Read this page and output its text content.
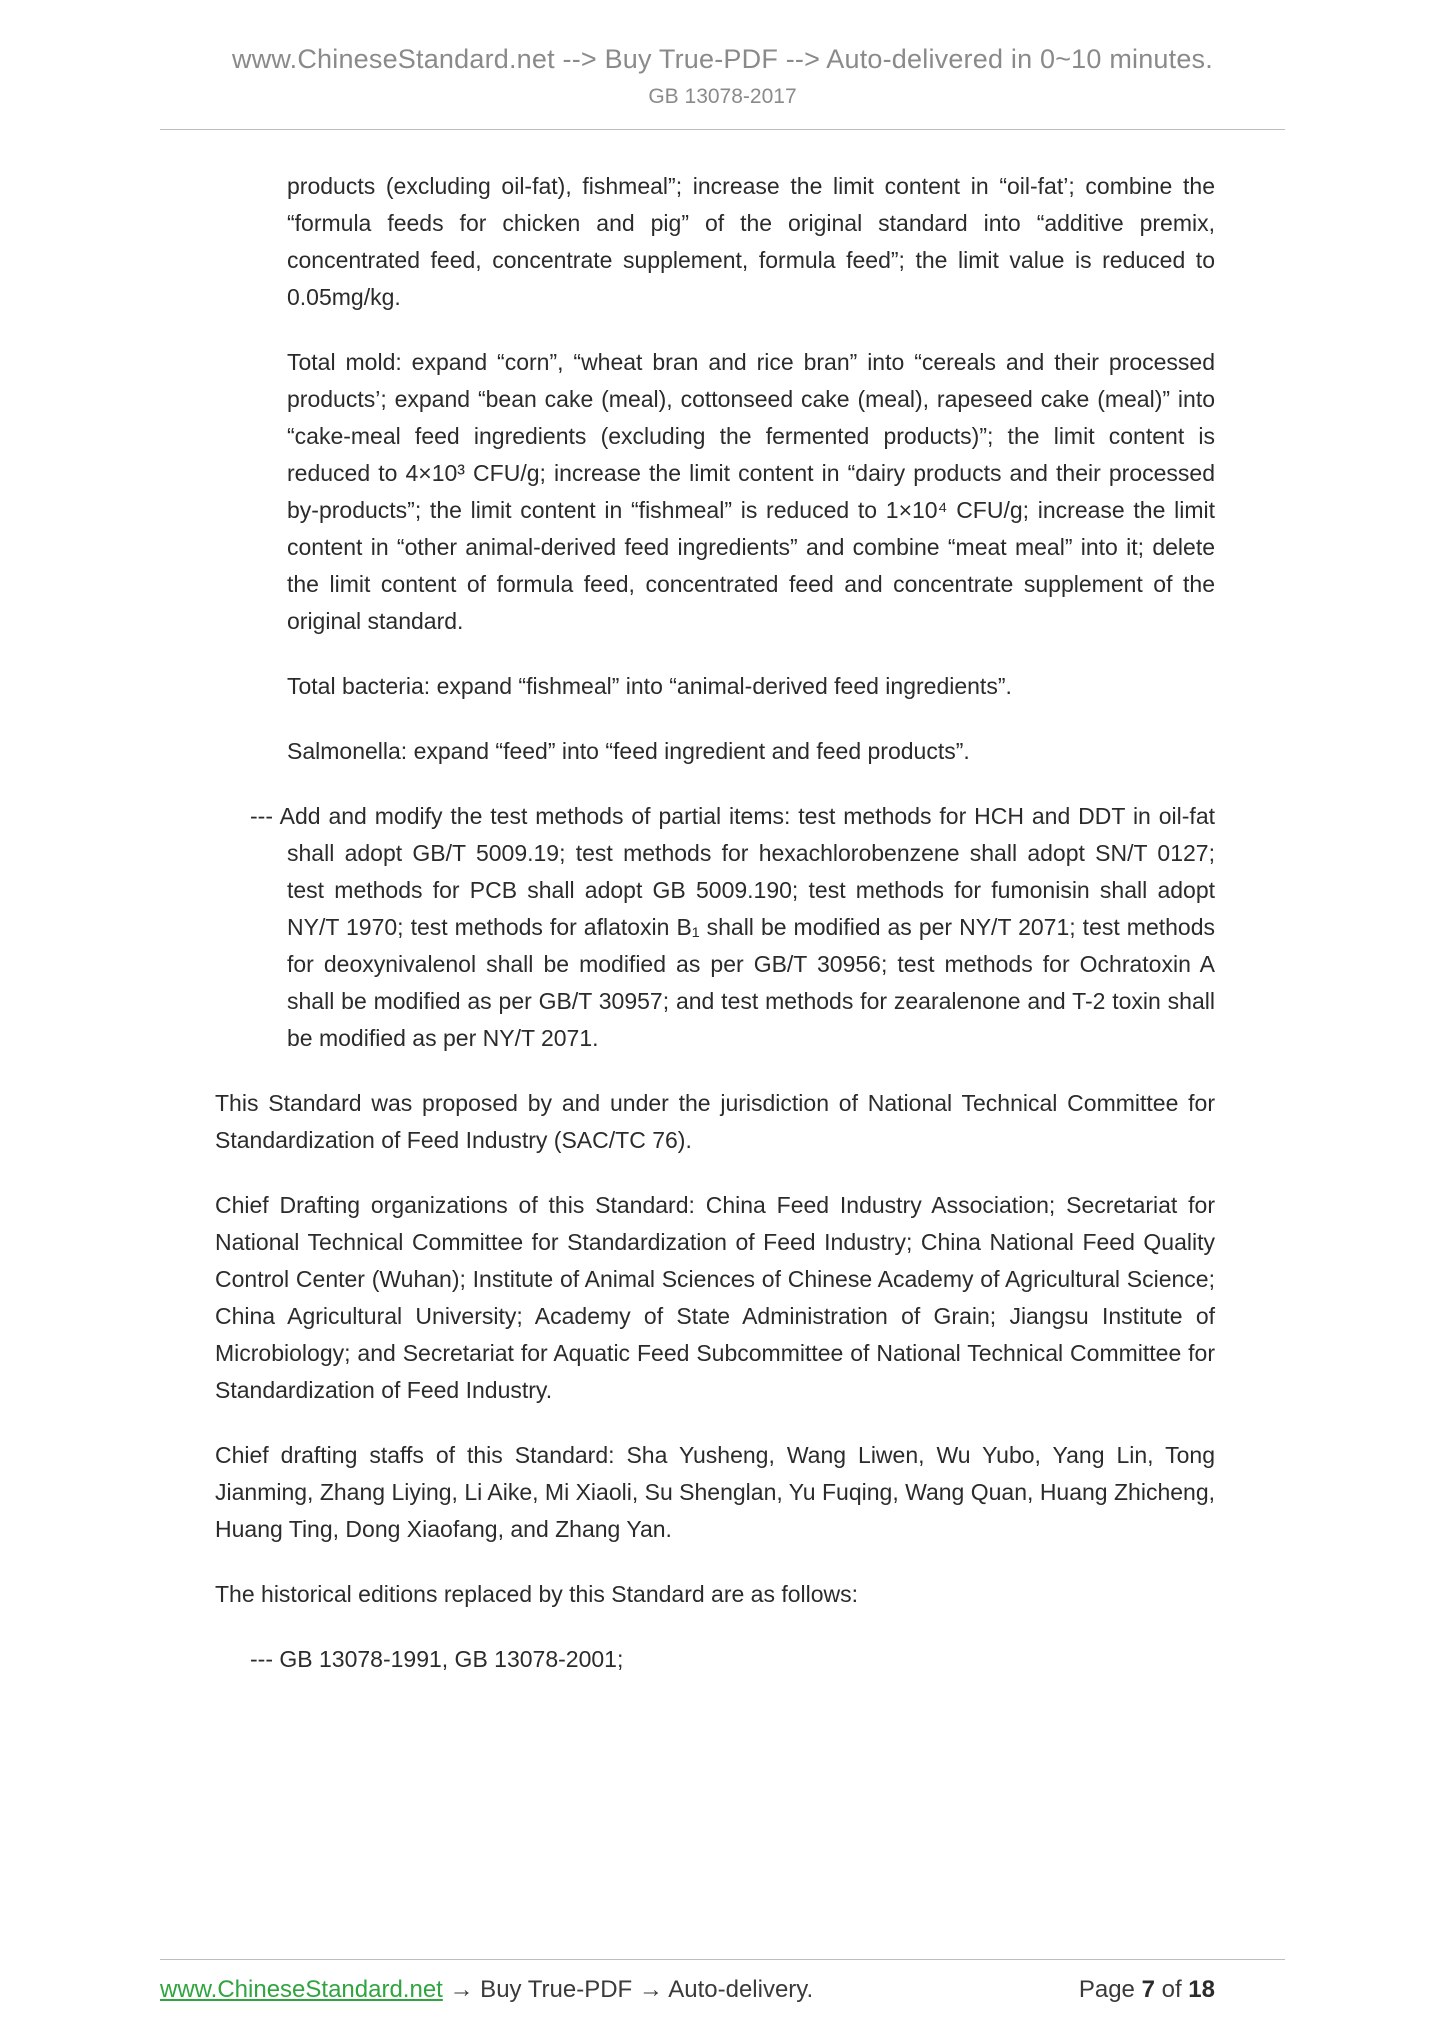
www.ChineseStandard.net --> Buy True-PDF --> Auto-delivered in 0~10 minutes.
GB 13078-2017

products (excluding oil-fat), fishmeal”; increase the limit content in “oil-fat’; combine the “formula feeds for chicken and pig” of the original standard into “additive premix, concentrated feed, concentrate supplement, formula feed”; the limit value is reduced to 0.05mg/kg.

Total mold: expand “corn”, “wheat bran and rice bran” into “cereals and their processed products’; expand “bean cake (meal), cottonseed cake (meal), rapeseed cake (meal)” into “cake-meal feed ingredients (excluding the fermented products)”; the limit content is reduced to 4×10³ CFU/g; increase the limit content in “dairy products and their processed by-products”; the limit content in “fishmeal” is reduced to 1×10⁴ CFU/g; increase the limit content in “other animal-derived feed ingredients” and combine “meat meal” into it; delete the limit content of formula feed, concentrated feed and concentrate supplement of the original standard.

Total bacteria: expand “fishmeal” into “animal-derived feed ingredients”.

Salmonella: expand “feed” into “feed ingredient and feed products”.

--- Add and modify the test methods of partial items: test methods for HCH and DDT in oil-fat shall adopt GB/T 5009.19; test methods for hexachlorobenzene shall adopt SN/T 0127; test methods for PCB shall adopt GB 5009.190; test methods for fumonisin shall adopt NY/T 1970; test methods for aflatoxin B₁ shall be modified as per NY/T 2071; test methods for deoxynivalenol shall be modified as per GB/T 30956; test methods for Ochratoxin A shall be modified as per GB/T 30957; and test methods for zearalenone and T-2 toxin shall be modified as per NY/T 2071.

This Standard was proposed by and under the jurisdiction of National Technical Committee for Standardization of Feed Industry (SAC/TC 76).

Chief Drafting organizations of this Standard: China Feed Industry Association; Secretariat for National Technical Committee for Standardization of Feed Industry; China National Feed Quality Control Center (Wuhan); Institute of Animal Sciences of Chinese Academy of Agricultural Science; China Agricultural University; Academy of State Administration of Grain; Jiangsu Institute of Microbiology; and Secretariat for Aquatic Feed Subcommittee of National Technical Committee for Standardization of Feed Industry.

Chief drafting staffs of this Standard: Sha Yusheng, Wang Liwen, Wu Yubo, Yang Lin, Tong Jianming, Zhang Liying, Li Aike, Mi Xiaoli, Su Shenglan, Yu Fuqing, Wang Quan, Huang Zhicheng, Huang Ting, Dong Xiaofang, and Zhang Yan.

The historical editions replaced by this Standard are as follows:

--- GB 13078-1991, GB 13078-2001;

www.ChineseStandard.net → Buy True-PDF → Auto-delivery.	Page 7 of 18
